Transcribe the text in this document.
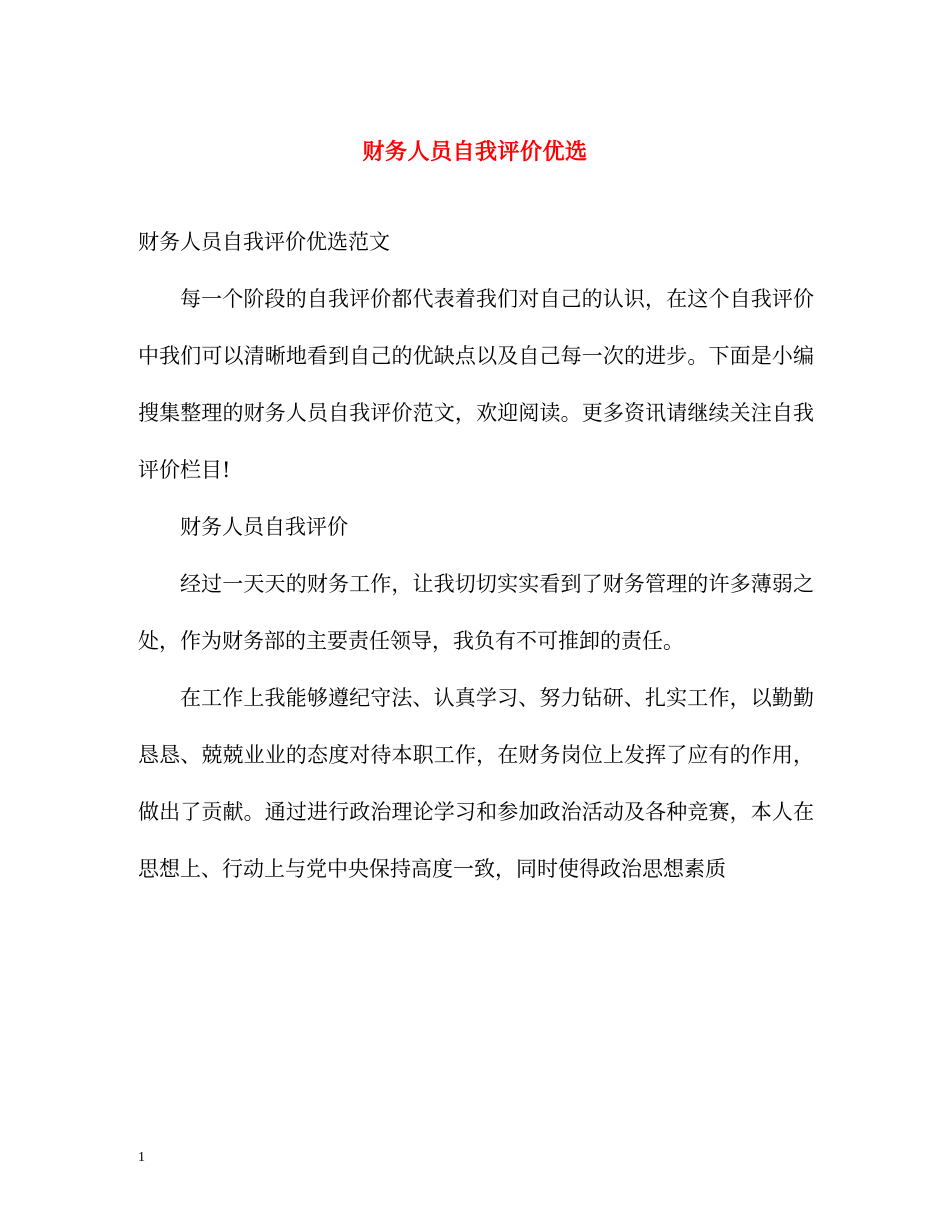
财务人员自我评价优选

财务人员自我评价优选范文

每一个阶段的自我评价都代表着我们对自己的认识，在这个自我评价中我们可以清晰地看到自己的优缺点以及自己每一次的进步。下面是小编搜集整理的财务人员自我评价范文，欢迎阅读。更多资讯请继续关注自我评价栏目!

财务人员自我评价

经过一天天的财务工作，让我切切实实看到了财务管理的许多薄弱之处，作为财务部的主要责任领导，我负有不可推卸的责任。

在工作上我能够遵纪守法、认真学习、努力钻研、扎实工作，以勤勤恳恳、兢兢业业的态度对待本职工作，在财务岗位上发挥了应有的作用，做出了贡献。通过进行政治理论学习和参加政治活动及各种竞赛，本人在思想上、行动上与党中央保持高度一致，同时使得政治思想素质

1
